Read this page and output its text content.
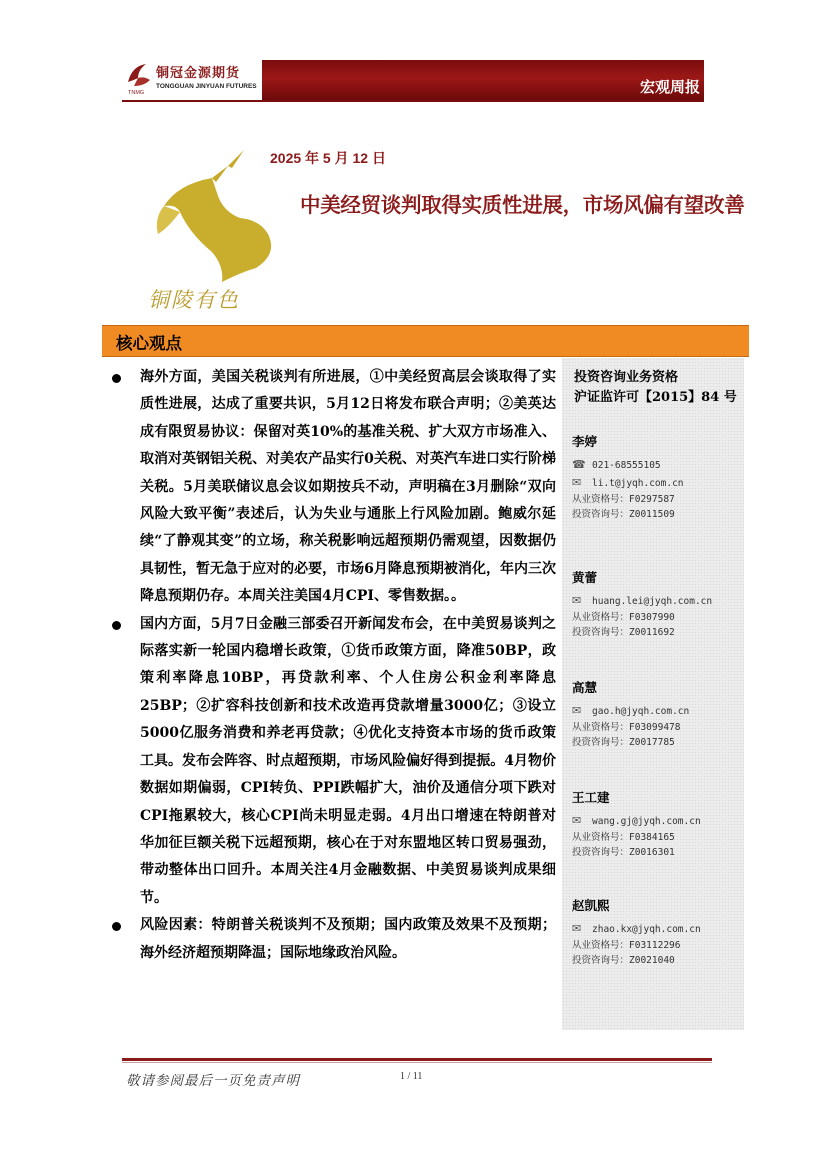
铜冠金源期货
TONGGUAN JINYUAN FUTURES
TNMG	宏观周报
铜陵有色
2025 年 5 月 12 日
中美经贸谈判取得实质性进展，市场风偏有望改善
核心观点

海外方面，美国关税谈判有所进展，①中美经贸高层会谈取得了实质性进展，达成了重要共识，5月12日将发布联合声明；②美英达成有限贸易协议：保留对英10%的基准关税、扩大双方市场准入、取消对英钢铝关税、对美农产品实行0关税、对英汽车进口实行阶梯关税。5月美联储议息会议如期按兵不动，声明稿在3月删除“双向风险大致平衡”表述后，认为失业与通胀上行风险加剧。鲍威尔延续“了静观其变”的立场，称关税影响远超预期仍需观望，因数据仍具韧性，暂无急于应对的必要，市场6月降息预期被消化，年内三次降息预期仍存。本周关注美国4月CPI、零售数据。。

国内方面，5月7日金融三部委召开新闻发布会，在中美贸易谈判之际落实新一轮国内稳增长政策，①货币政策方面，降准50BP，政策利率降息10BP，再贷款利率、个人住房公积金利率降息25BP；②扩容科技创新和技术改造再贷款增量3000亿；③设立5000亿服务消费和养老再贷款；④优化支持资本市场的货币政策工具。发布会阵容、时点超预期，市场风险偏好得到提振。4月物价数据如期偏弱，CPI转负、PPI跌幅扩大，油价及通信分项下跌对CPI拖累较大，核心CPI尚未明显走弱。4月出口增速在特朗普对华加征巨额关税下远超预期，核心在于对东盟地区转口贸易强劲，带动整体出口回升。本周关注4月金融数据、中美贸易谈判成果细节。

风险因素：特朗普关税谈判不及预期；国内政策及效果不及预期；海外经济超预期降温；国际地缘政治风险。

投资咨询业务资格
沪证监许可【2015】84 号
李婷
☎ 021-68555105
✉ li.t@jyqh.com.cn
从业资格号：F0297587
投资咨询号：Z0011509
黄蕾
✉ huang.lei@jyqh.com.cn
从业资格号：F0307990
投资咨询号：Z0011692
高慧
✉ gao.h@jyqh.com.cn
从业资格号：F03099478
投资咨询号：Z0017785
王工建
✉ wang.gj@jyqh.com.cn
从业资格号：F0384165
投资咨询号：Z0016301
赵凯熙
✉ zhao.kx@jyqh.com.cn
从业资格号：F03112296
投资咨询号：Z0021040
敬请参阅最后一页免责声明	1 / 11
